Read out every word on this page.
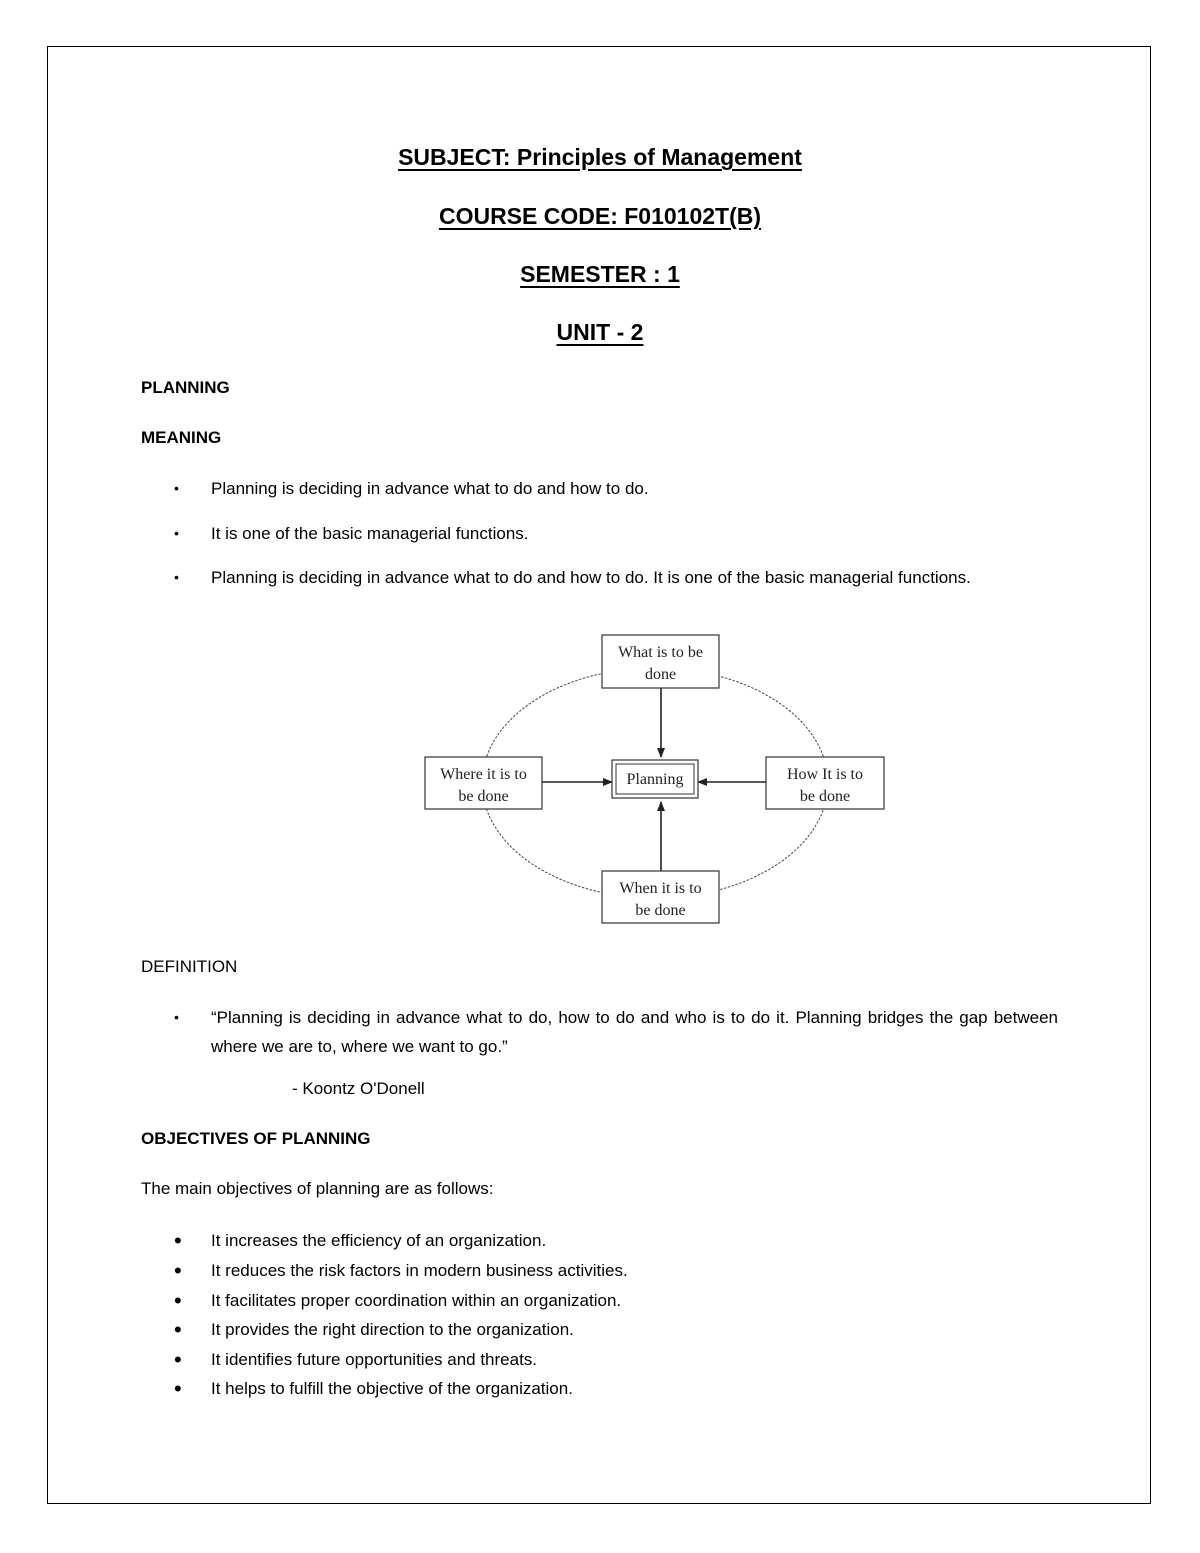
SUBJECT: Principles of Management
COURSE CODE: F010102T(B)
SEMESTER : 1
UNIT - 2
PLANNING
MEANING
•	Planning is deciding in advance what to do and how to do.
•	It is one of the basic managerial functions.
•	Planning is deciding in advance what to do and how to do. It is one of the basic managerial functions.
What is to be
done
Where it is to
be done
How It is to
be done
When it is to
be done
Planning
DEFINITION
•	“Planning is deciding in advance what to do, how to do and who is to do it. Planning bridges the gap between where we are to, where we want to go.”
- Koontz O'Donell
OBJECTIVES OF PLANNING
The main objectives of planning are as follows:
•	It increases the efficiency of an organization.
•	It reduces the risk factors in modern business activities.
•	It facilitates proper coordination within an organization.
•	It provides the right direction to the organization.
•	It identifies future opportunities and threats.
•	It helps to fulfill the objective of the organization.
